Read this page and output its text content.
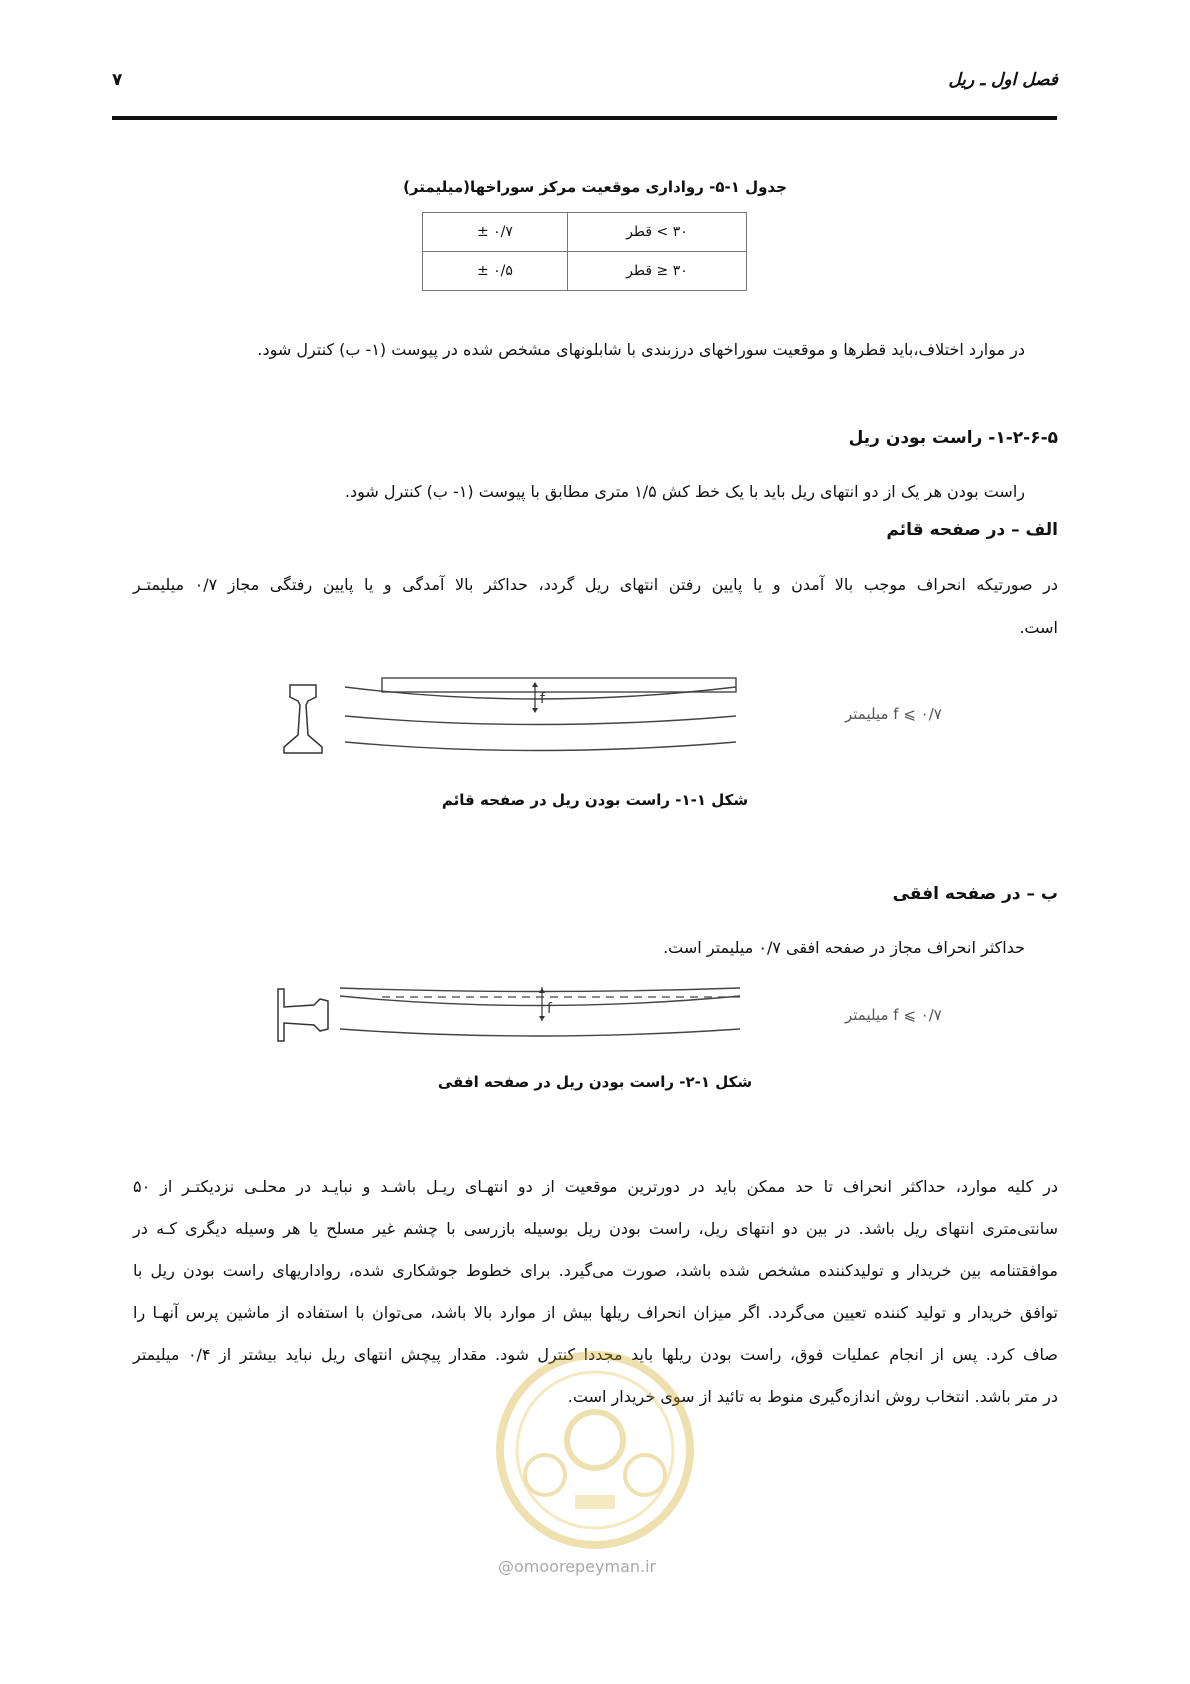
فصل اول ـ ریل
۷
جدول ۱-۵- رواداری موقعیت مرکز سوراخها(میلیمتر)
۳۰ > قطر	± ۰/۷
۳۰ ≤ قطر	± ۰/۵
در موارد اختلاف،باید قطرها و موقعیت سوراخهای درزبندی با شابلونهای مشخص شده در پیوست (۱- ب) کنترل شود.
۱-۲-۶-۵- راست بودن ریل
راست بودن هر یک از دو انتهای ریل باید با یک خط کش ۱/۵ متری مطابق با پیوست (۱- ب) کنترل شود.
الف – در صفحه قائم
در صورتیکه انحراف موجب بالا آمدن و یا پایین رفتن انتهای ریل گردد، حداکثر بالا آمدگی و یا پایین رفتگی مجاز ۰/۷ میلیمتـر
است.
f
f ⩽ ۰/۷ میلیمتر
شکل ۱-۱- راست بودن ریل در صفحه قائم
ب – در صفحه افقی
حداکثر انحراف مجاز در صفحه افقی ۰/۷ میلیمتر است.
f	f ⩽ ۰/۷ میلیمتر
شکل ۱-۲- راست بودن ریل در صفحه افقی
در کلیه موارد، حداکثر انحراف تا حد ممکن باید در دورترین موقعیت از دو انتهـای ریـل باشـد و نبایـد در محلـی نزدیکتـر از ۵۰
سانتی‌متری انتهای ریل باشد. در بین دو انتهای ریل، راست بودن ریل بوسیله بازرسی با چشم غیر مسلح یا هر وسیله دیگری کـه در
موافقتنامه بین خریدار و تولیدکننده مشخص شده باشد، صورت می‌گیرد. برای خطوط جوشکاری شده، رواداریهای راست بودن ریل با
توافق خریدار و تولید کننده تعیین می‌گردد. اگر میزان انحراف ریلها بیش از موارد بالا باشد، می‌توان با استفاده از ماشین پرس آنهـا را
صاف کرد. پس از انجام عملیات فوق، راست بودن ریلها باید مجددا کنترل شود. مقدار پیچش انتهای ریل نباید بیشتر از ۰/۴ میلیمتر
در متر باشد. انتخاب روش اندازه‌گیری منوط به تائید از سوی خریدار است.
@omoorepeyman.ir
